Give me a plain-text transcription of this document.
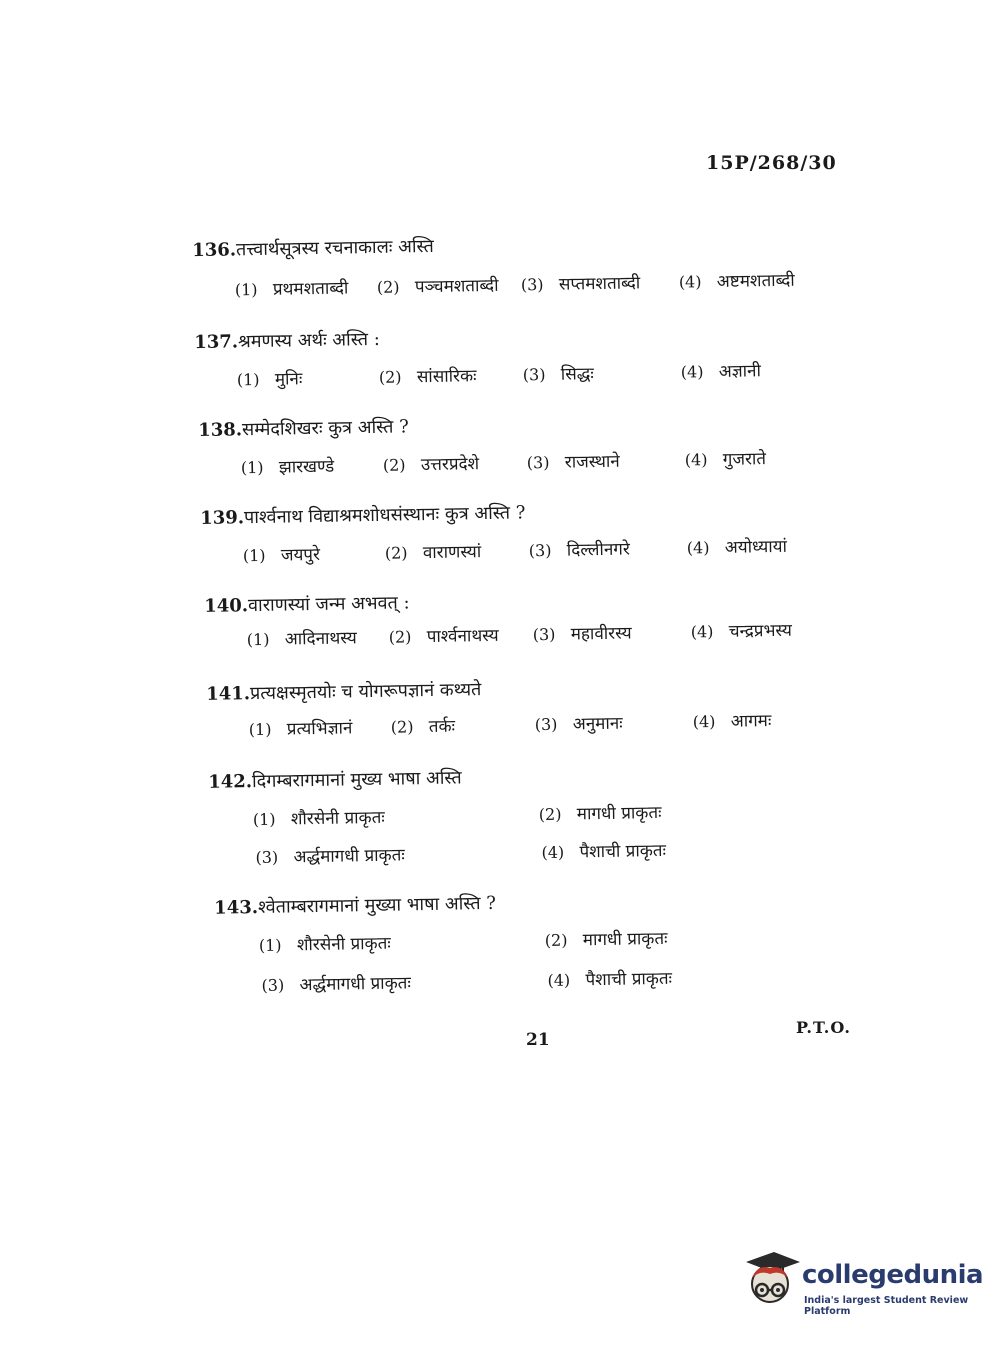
15P/268/30
136.तत्त्वार्थसूत्रस्य रचनाकालः अस्ति
(1) प्रथमशताब्दी (2) पञ्चमशताब्दी (3) सप्तमशताब्दी (4) अष्टमशताब्दी
137.श्रमणस्य अर्थः अस्ति :
(1) मुनिः	(2) सांसारिकः	(3) सिद्धः	(4) अज्ञानी
138.सम्मेदशिखरः कुत्र अस्ति ?
(1) झारखण्डे	(2) उत्तरप्रदेशे	(3) राजस्थाने	(4) गुजराते
139.पार्श्वनाथ विद्याश्रमशोधसंस्थानः कुत्र अस्ति ?
(1) जयपुरे	(2) वाराणस्यां	(3) दिल्लीनगरे	(4) अयोध्यायां
140.वाराणस्यां जन्म अभवत् :
(1) आदिनाथस्य (2) पार्श्वनाथस्य (3) महावीरस्य	(4) चन्द्रप्रभस्य
141.प्रत्यक्षस्मृतयोः च योगरूपज्ञानं कथ्यते
(1) प्रत्यभिज्ञानं (2) तर्कः	(3) अनुमानः	(4) आगमः
142.दिगम्बरागमानां मुख्य भाषा अस्ति
(1) शौरसेनी प्राकृतः	(2) मागधी प्राकृतः
(3) अर्द्धमागधी प्राकृतः	(4) पैशाची प्राकृतः
143.श्वेताम्बरागमानां मुख्या भाषा अस्ति ?
(1) शौरसेनी प्राकृतः	(2) मागधी प्राकृतः
(3) अर्द्धमागधी प्राकृतः	(4) पैशाची प्राकृतः
21
P.T.O.
collegedunia
India's largest Student Review Platform
